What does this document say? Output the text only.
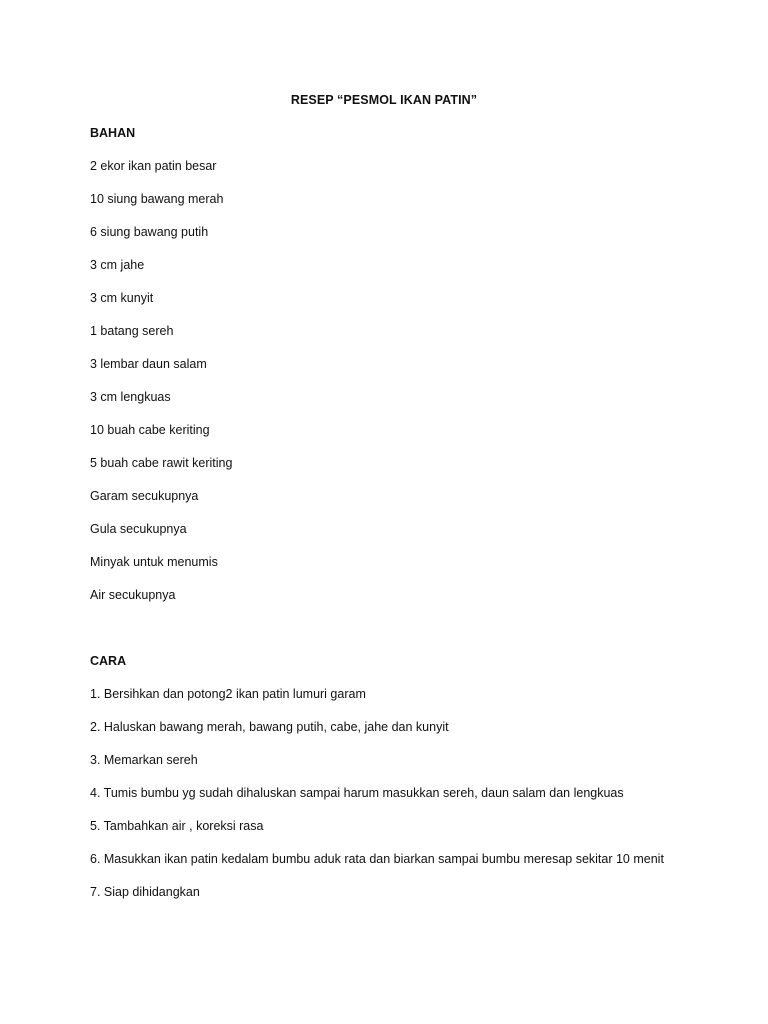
RESEP “PESMOL IKAN PATIN”
BAHAN
2 ekor ikan patin besar
10 siung bawang merah
6 siung bawang putih
3 cm jahe
3 cm kunyit
1 batang sereh
3 lembar daun salam
3 cm lengkuas
10 buah cabe keriting
5 buah cabe rawit keriting
Garam secukupnya
Gula secukupnya
Minyak untuk menumis
Air secukupnya
CARA
1. Bersihkan dan potong2 ikan patin lumuri garam
2. Haluskan bawang merah, bawang putih, cabe, jahe dan kunyit
3. Memarkan sereh
4. Tumis bumbu yg sudah dihaluskan sampai harum masukkan sereh, daun salam dan lengkuas
5. Tambahkan air , koreksi rasa
6. Masukkan ikan patin kedalam bumbu aduk rata dan biarkan sampai bumbu meresap sekitar 10 menit
7. Siap dihidangkan
